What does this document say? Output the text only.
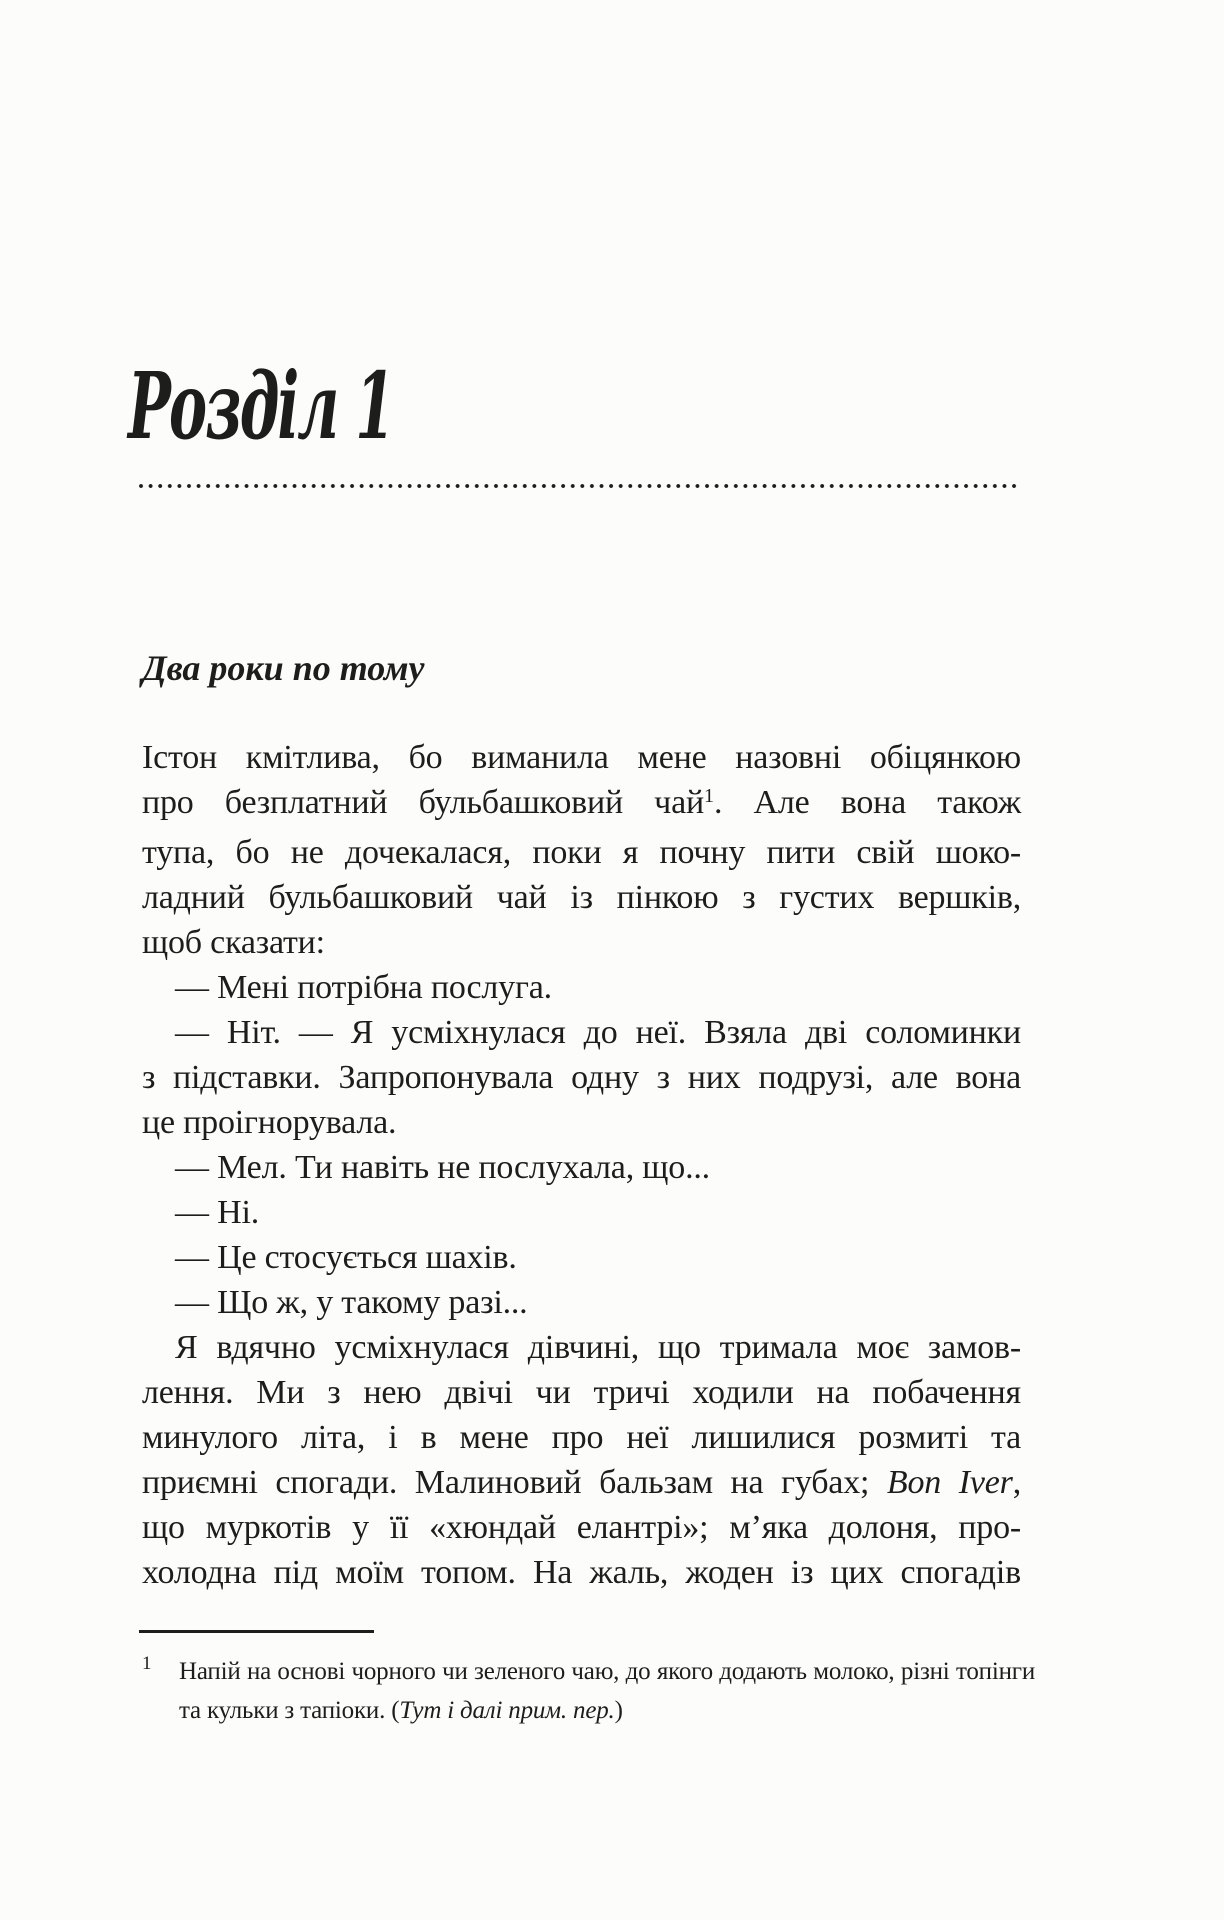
Розділ 1
Два роки по тому
Істон кмітлива, бо виманила мене назовні обіцянкою
про безплатний бульбашковий чай$^1$. Але вона також
тупа, бо не дочекалася, поки я почну пити свій шоко-
ладний бульбашковий чай із пінкою з густих вершків,
щоб сказати:
— Мені потрібна послуга.
— Ніт. — Я усміхнулася до неї. Взяла дві соломинки
з підставки. Запропонувала одну з них подрузі, але вона
це проігнорувала.
— Мел. Ти навіть не послухала, що...
— Ні.
— Це стосується шахів.
— Що ж, у такому разі...
Я вдячно усміхнулася дівчині, що тримала моє замов-
лення. Ми з нею двічі чи тричі ходили на побачення
минулого літа, і в мене про неї лишилися розмиті та
приємні спогади. Малиновий бальзам на губах; Bon Iver,
що муркотів у її «хюндай елантрі»; м’яка долоня, про-
холодна під моїм топом. На жаль, жоден із цих спогадів
1 Напій на основі чорного чи зеленого чаю, до якого додають молоко, різні топінги
та кульки з тапіоки. (Тут і далі прим. пер.)
